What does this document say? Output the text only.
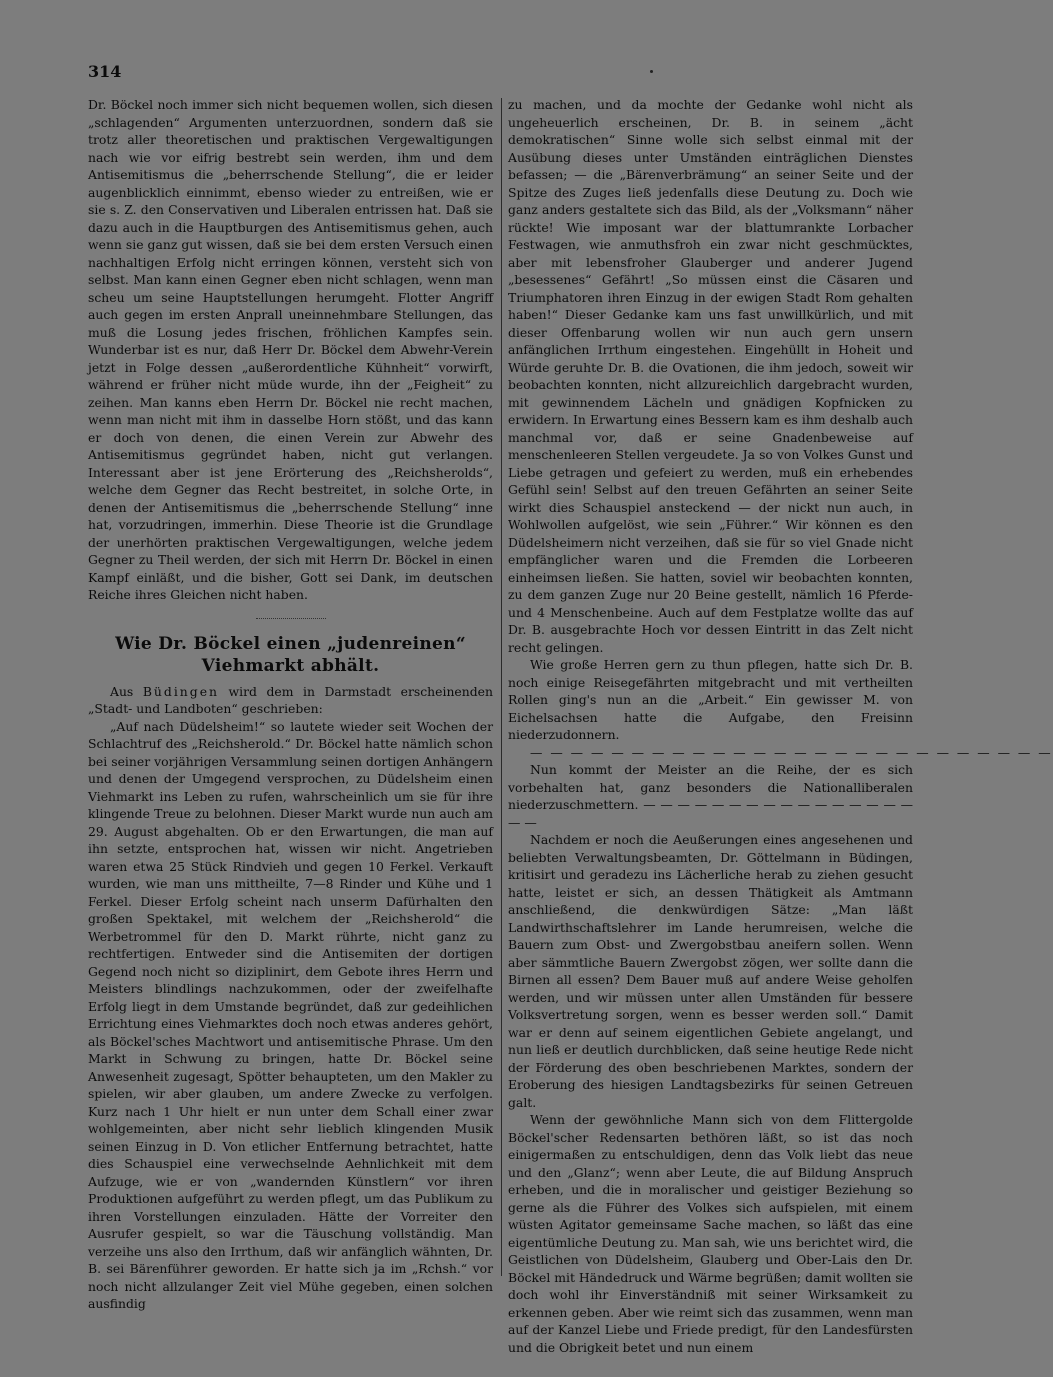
314

Dr. Böckel noch immer sich nicht bequemen wollen, sich diesen „schlagenden“ Argumenten unterzuordnen, sondern daß sie trotz aller theoretischen und praktischen Vergewaltigungen nach wie vor eifrig bestrebt sein werden, ihm und dem Antisemitismus die „beherrschende Stellung“, die er leider augenblicklich einnimmt, ebenso wieder zu entreißen, wie er sie s. Z. den Conservativen und Liberalen entrissen hat. Daß sie dazu auch in die Hauptburgen des Antisemitismus gehen, auch wenn sie ganz gut wissen, daß sie bei dem ersten Versuch einen nachhaltigen Erfolg nicht erringen können, versteht sich von selbst. Man kann einen Gegner eben nicht schlagen, wenn man scheu um seine Hauptstellungen herumgeht. Flotter Angriff auch gegen im ersten Anprall uneinnehmbare Stellungen, das muß die Losung jedes frischen, fröhlichen Kampfes sein. Wunderbar ist es nur, daß Herr Dr. Böckel dem Abwehr-Verein jetzt in Folge dessen „außerordentliche Kühnheit“ vorwirft, während er früher nicht müde wurde, ihn der „Feigheit“ zu zeihen. Man kanns eben Herrn Dr. Böckel nie recht machen, wenn man nicht mit ihm in dasselbe Horn stößt, und das kann er doch von denen, die einen Verein zur Abwehr des Antisemitismus gegründet haben, nicht gut verlangen. Interessant aber ist jene Erörterung des „Reichsherolds“, welche dem Gegner das Recht bestreitet, in solche Orte, in denen der Antisemitismus die „beherrschende Stellung“ inne hat, vorzudringen, immerhin. Diese Theorie ist die Grundlage der unerhörten praktischen Vergewaltigungen, welche jedem Gegner zu Theil werden, der sich mit Herrn Dr. Böckel in einen Kampf einläßt, und die bisher, Gott sei Dank, im deutschen Reiche ihres Gleichen nicht haben.

Wie Dr. Böckel einen „judenreinen“ Viehmarkt abhält.

Aus Büdingen wird dem in Darmstadt erscheinenden „Stadt- und Landboten“ geschrieben:

„Auf nach Düdelsheim!“ so lautete wieder seit Wochen der Schlachtruf des „Reichsherold.“ Dr. Böckel hatte nämlich schon bei seiner vorjährigen Versammlung seinen dortigen Anhängern und denen der Umgegend versprochen, zu Düdelsheim einen Viehmarkt ins Leben zu rufen, wahrscheinlich um sie für ihre klingende Treue zu belohnen. Dieser Markt wurde nun auch am 29. August abgehalten. Ob er den Erwartungen, die man auf ihn setzte, entsprochen hat, wissen wir nicht. Angetrieben waren etwa 25 Stück Rindvieh und gegen 10 Ferkel. Verkauft wurden, wie man uns mittheilte, 7—8 Rinder und Kühe und 1 Ferkel. Dieser Erfolg scheint nach unserm Dafürhalten den großen Spektakel, mit welchem der „Reichsherold“ die Werbetrommel für den D. Markt rührte, nicht ganz zu rechtfertigen. Entweder sind die Antisemiten der dortigen Gegend noch nicht so diziplinirt, dem Gebote ihres Herrn und Meisters blindlings nachzukommen, oder der zweifelhafte Erfolg liegt in dem Umstande begründet, daß zur gedeihlichen Errichtung eines Viehmarktes doch noch etwas anderes gehört, als Böckel'sches Machtwort und antisemitische Phrase. Um den Markt in Schwung zu bringen, hatte Dr. Böckel seine Anwesenheit zugesagt, Spötter behaupteten, um den Makler zu spielen, wir aber glauben, um andere Zwecke zu verfolgen. Kurz nach 1 Uhr hielt er nun unter dem Schall einer zwar wohlgemeinten, aber nicht sehr lieblich klingenden Musik seinen Einzug in D. Von etlicher Entfernung betrachtet, hatte dies Schauspiel eine verwechselnde Aehnlichkeit mit dem Aufzuge, wie er von „wandernden Künstlern“ vor ihren Produktionen aufgeführt zu werden pflegt, um das Publikum zu ihren Vorstellungen einzuladen. Hätte der Vorreiter den Ausrufer gespielt, so war die Täuschung vollständig. Man verzeihe uns also den Irrthum, daß wir anfänglich wähnten, Dr. B. sei Bärenführer geworden. Er hatte sich ja im „Rchsh.“ vor noch nicht allzulanger Zeit viel Mühe gegeben, einen solchen ausfindig

zu machen, und da mochte der Gedanke wohl nicht als ungeheuerlich erscheinen, Dr. B. in seinem „ächt demokratischen“ Sinne wolle sich selbst einmal mit der Ausübung dieses unter Umständen einträglichen Dienstes befassen; — die „Bärenverbrämung“ an seiner Seite und der Spitze des Zuges ließ jedenfalls diese Deutung zu. Doch wie ganz anders gestaltete sich das Bild, als der „Volksmann“ näher rückte! Wie imposant war der blattumrankte Lorbacher Festwagen, wie anmuthsfroh ein zwar nicht geschmücktes, aber mit lebensfroher Glauberger und anderer Jugend „besessenes“ Gefährt! „So müssen einst die Cäsaren und Triumphatoren ihren Einzug in der ewigen Stadt Rom gehalten haben!“ Dieser Gedanke kam uns fast unwillkürlich, und mit dieser Offenbarung wollen wir nun auch gern unsern anfänglichen Irrthum eingestehen. Eingehüllt in Hoheit und Würde geruhte Dr. B. die Ovationen, die ihm jedoch, soweit wir beobachten konnten, nicht allzureichlich dargebracht wurden, mit gewinnendem Lächeln und gnädigen Kopfnicken zu erwidern. In Erwartung eines Bessern kam es ihm deshalb auch manchmal vor, daß er seine Gnadenbeweise auf menschenleeren Stellen vergeudete. Ja so von Volkes Gunst und Liebe getragen und gefeiert zu werden, muß ein erhebendes Gefühl sein! Selbst auf den treuen Gefährten an seiner Seite wirkt dies Schauspiel ansteckend — der nickt nun auch, in Wohlwollen aufgelöst, wie sein „Führer.“ Wir können es den Düdelsheimern nicht verzeihen, daß sie für so viel Gnade nicht empfänglicher waren und die Fremden die Lorbeeren einheimsen ließen. Sie hatten, soviel wir beobachten konnten, zu dem ganzen Zuge nur 20 Beine gestellt, nämlich 16 Pferde- und 4 Menschenbeine. Auch auf dem Festplatze wollte das auf Dr. B. ausgebrachte Hoch vor dessen Eintritt in das Zelt nicht recht gelingen.

Wie große Herren gern zu thun pflegen, hatte sich Dr. B. noch einige Reisegefährten mitgebracht und mit vertheilten Rollen ging's nun an die „Arbeit.“ Ein gewisser M. von Eichelsachsen hatte die Aufgabe, den Freisinn niederzudonnern.

— — — — — — — — — — — — — — — — — — — — — — — — — —

Nun kommt der Meister an die Reihe, der es sich vorbehalten hat, ganz besonders die Nationalliberalen niederzuschmettern. — — — — — — — — — — — — — — — — — —

Nachdem er noch die Aeußerungen eines angesehenen und beliebten Verwaltungsbeamten, Dr. Göttelmann in Büdingen, kritisirt und geradezu ins Lächerliche herab zu ziehen gesucht hatte, leistet er sich, an dessen Thätigkeit als Amtmann anschließend, die denkwürdigen Sätze: „Man läßt Landwirthschaftslehrer im Lande herumreisen, welche die Bauern zum Obst- und Zwergobstbau aneifern sollen. Wenn aber sämmtliche Bauern Zwergobst zögen, wer sollte dann die Birnen all essen? Dem Bauer muß auf andere Weise geholfen werden, und wir müssen unter allen Umständen für bessere Volksvertretung sorgen, wenn es besser werden soll.“ Damit war er denn auf seinem eigentlichen Gebiete angelangt, und nun ließ er deutlich durchblicken, daß seine heutige Rede nicht der Förderung des oben beschriebenen Marktes, sondern der Eroberung des hiesigen Landtagsbezirks für seinen Getreuen galt.

Wenn der gewöhnliche Mann sich von dem Flittergolde Böckel'scher Redensarten bethören läßt, so ist das noch einigermaßen zu entschuldigen, denn das Volk liebt das neue und den „Glanz“; wenn aber Leute, die auf Bildung Anspruch erheben, und die in moralischer und geistiger Beziehung so gerne als die Führer des Volkes sich aufspielen, mit einem wüsten Agitator gemeinsame Sache machen, so läßt das eine eigentümliche Deutung zu. Man sah, wie uns berichtet wird, die Geistlichen von Düdelsheim, Glauberg und Ober-Lais den Dr. Böckel mit Händedruck und Wärme begrüßen; damit wollten sie doch wohl ihr Einverständniß mit seiner Wirksamkeit zu erkennen geben. Aber wie reimt sich das zusammen, wenn man auf der Kanzel Liebe und Friede predigt, für den Landesfürsten und die Obrigkeit betet und nun einem
